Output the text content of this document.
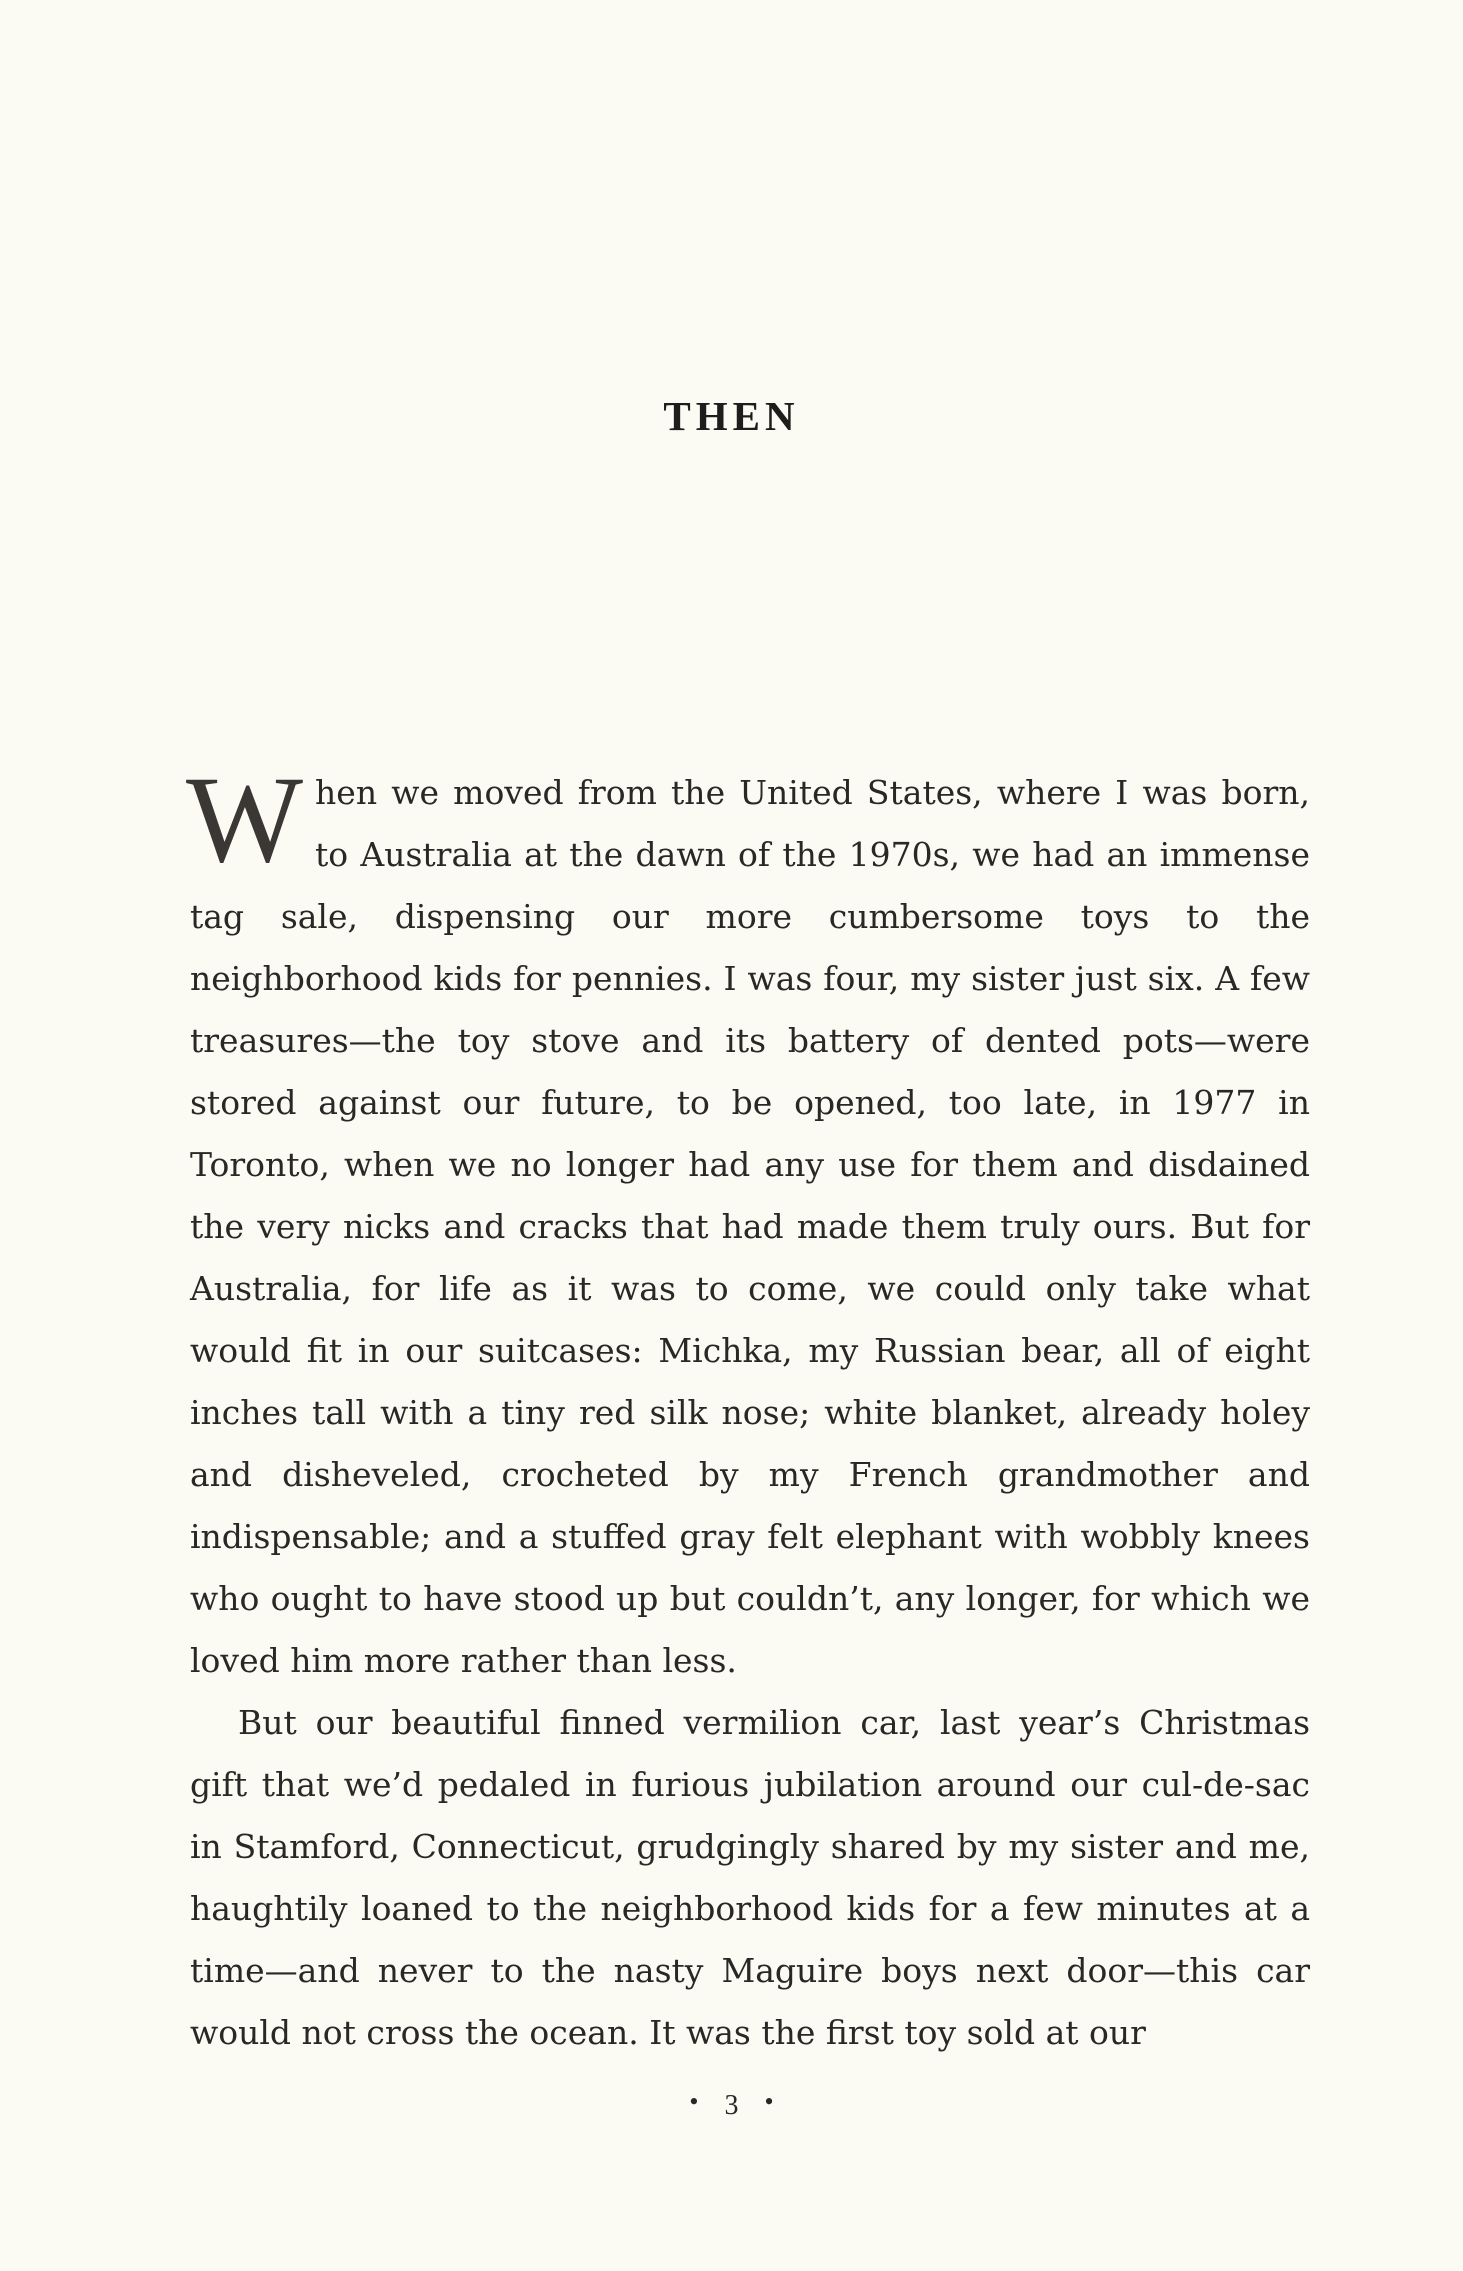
THEN

When we moved from the United States, where I was born, to Australia at the dawn of the 1970s, we had an immense tag sale, dispensing our more cumbersome toys to the neighborhood kids for pennies. I was four, my sister just six. A few treasures—the toy stove and its battery of dented pots—were stored against our future, to be opened, too late, in 1977 in Toronto, when we no longer had any use for them and disdained the very nicks and cracks that had made them truly ours. But for Australia, for life as it was to come, we could only take what would fit in our suitcases: Michka, my Russian bear, all of eight inches tall with a tiny red silk nose; white blanket, already holey and disheveled, crocheted by my French grandmother and indispensable; and a stuffed gray felt elephant with wobbly knees who ought to have stood up but couldn’t, any longer, for which we loved him more rather than less.

But our beautiful finned vermilion car, last year’s Christmas gift that we’d pedaled in furious jubilation around our cul-de-sac in Stamford, Connecticut, grudgingly shared by my sister and me, haughtily loaned to the neighborhood kids for a few minutes at a time—and never to the nasty Maguire boys next door—this car would not cross the ocean. It was the first toy sold at our

• 3 •
